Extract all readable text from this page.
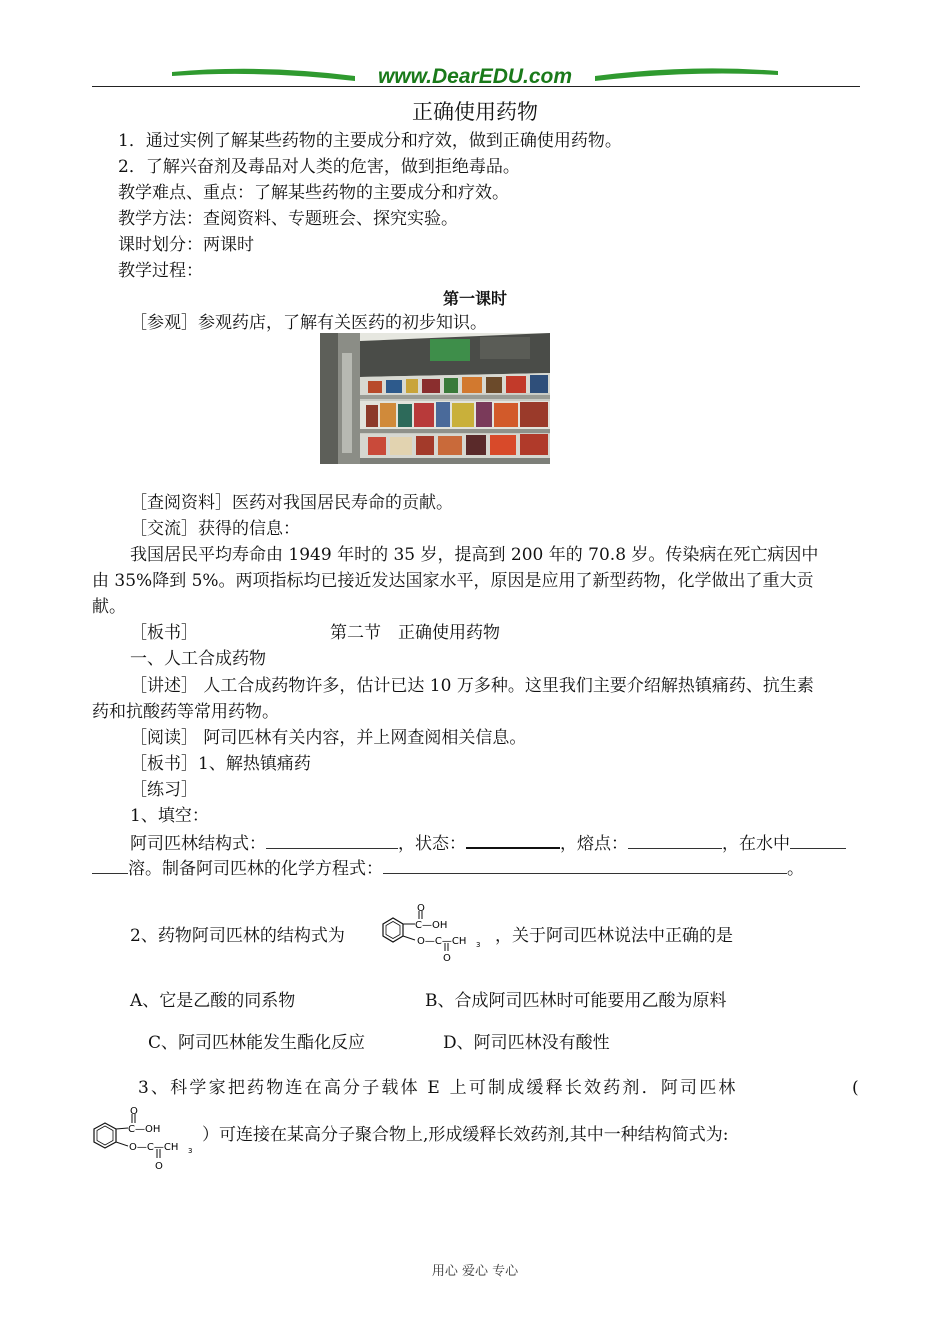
www.DearEDU.com
正确使用药物
1．通过实例了解某些药物的主要成分和疗效，做到正确使用药物。
2．了解兴奋剂及毒品对人类的危害，做到拒绝毒品。
教学难点、重点：了解某些药物的主要成分和疗效。
教学方法：查阅资料、专题班会、探究实验。
课时划分：两课时
教学过程：
第一课时
［参观］参观药店，了解有关医药的初步知识。
［查阅资料］医药对我国居民寿命的贡献。
［交流］获得的信息：
我国居民平均寿命由 1949 年时的 35 岁，提高到 200 年的 70.8 岁。传染病在死亡病因中
由 35%降到 5%。两项指标均已接近发达国家水平，原因是应用了新型药物，化学做出了重大贡
献。
［板书］	第二节　正确使用药物
一、人工合成药物
［讲述］ 人工合成药物许多，估计已达 10 万多种。这里我们主要介绍解热镇痛药、抗生素
药和抗酸药等常用药物。
［阅读］ 阿司匹林有关内容，并上网查阅相关信息。
［板书］1、解热镇痛药
［练习］
1、填空：
阿司匹林结构式：	，状态：	，熔点：	，在水中
溶。制备阿司匹林的化学方程式：	。
2、药物阿司匹林的结构式为
O
C—OH
O—C—CH 3
O
，关于阿司匹林说法中正确的是
A、它是乙酸的同系物	B、合成阿司匹林时可能要用乙酸为原料
C、阿司匹林能发生酯化反应	D、阿司匹林没有酸性
3、科学家把药物连在高分子载体 E 上可制成缓释长效药剂．阿司匹林	(
O
C—OH
O—C—CH 3
O
）可连接在某高分子聚合物上,形成缓释长效药剂,其中一种结构简式为:
用心 爱心 专心
